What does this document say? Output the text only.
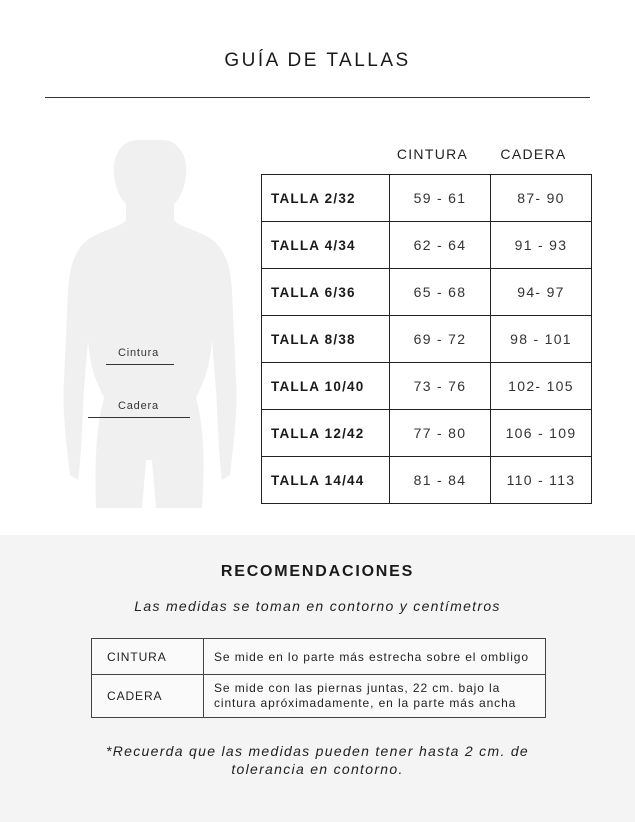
GUÍA DE TALLAS
Cintura
Cadera
CINTURA	CADERA
TALLA 2/32	59 - 61	87- 90
TALLA 4/34	62 - 64	91 - 93
TALLA 6/36	65 - 68	94- 97
TALLA 8/38	69 - 72	98 - 101
TALLA 10/40	73 - 76	102- 105
TALLA 12/42	77 - 80	106 - 109
TALLA 14/44	81 - 84	110 - 113
RECOMENDACIONES
Las medidas se toman en contorno y centímetros
CINTURA	Se mide en lo parte más estrecha sobre el ombligo
CADERA	Se mide con las piernas juntas, 22 cm. bajo la
cintura apróximadamente, en la parte más ancha
*Recuerda que las medidas pueden tener hasta 2 cm. de
tolerancia en contorno.
